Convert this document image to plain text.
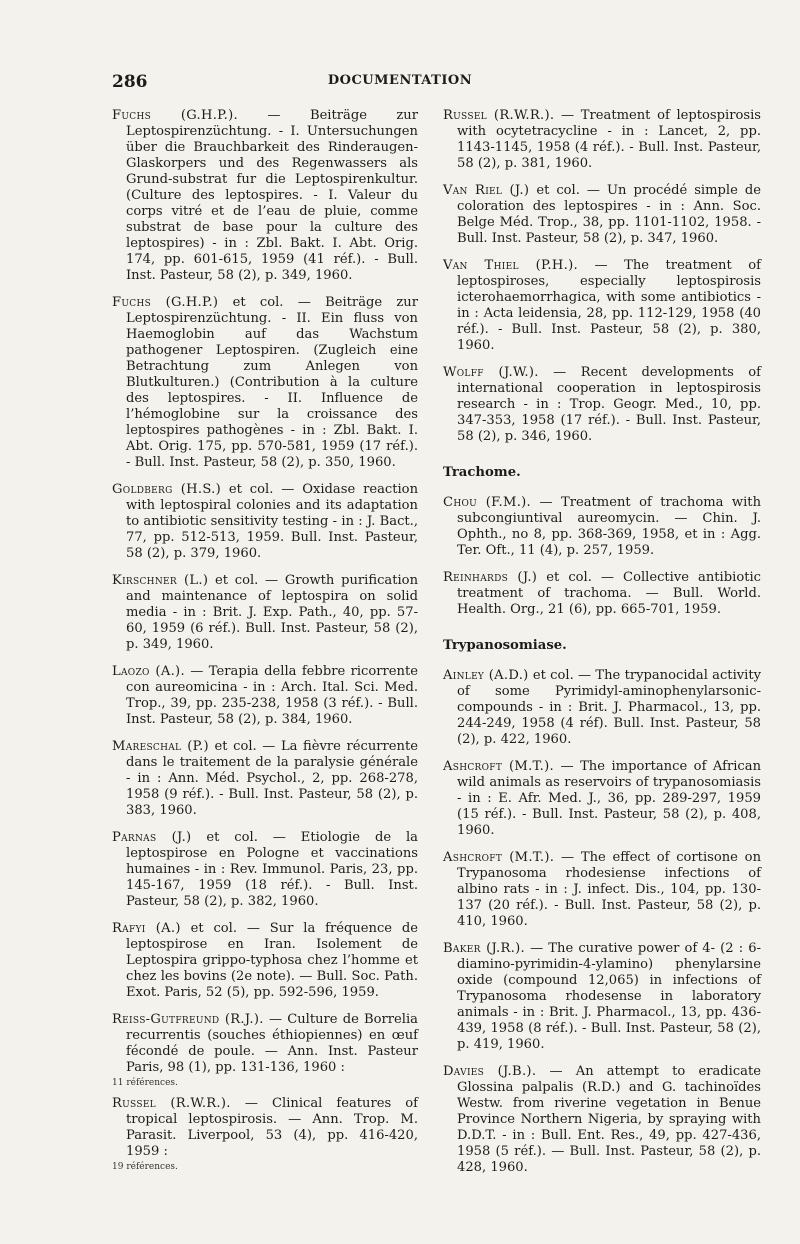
286	DOCUMENTATION
Fuchs (G.H.P.). — Beiträge zur Leptospirenzüchtung. - I. Untersuchungen über die Brauchbarkeit des Rinderaugen-Glaskorpers und des Regenwassers als Grund-substrat fur die Leptospirenkultur. (Culture des leptospires. - I. Valeur du corps vitré et de l’eau de pluie, comme substrat de base pour la culture des leptospires) - in : Zbl. Bakt. I. Abt. Orig. 174, pp. 601-615, 1959 (41 réf.). - Bull. Inst. Pasteur, 58 (2), p. 349, 1960.
Fuchs (G.H.P.) et col. — Beiträge zur Leptospirenzüchtung. - II. Ein fluss von Haemoglobin auf das Wachstum pathogener Leptospiren. (Zugleich eine Betrachtung zum Anlegen von Blutkulturen.) (Contribution à la culture des leptospires. - II. Influence de l’hémoglobine sur la croissance des leptospires pathogènes - in : Zbl. Bakt. I. Abt. Orig. 175, pp. 570-581, 1959 (17 réf.). - Bull. Inst. Pasteur, 58 (2), p. 350, 1960.
Goldberg (H.S.) et col. — Oxidase reaction with leptospiral colonies and its adaptation to antibiotic sensitivity testing - in : J. Bact., 77, pp. 512-513, 1959. Bull. Inst. Pasteur, 58 (2), p. 379, 1960.
Kirschner (L.) et col. — Growth purification and maintenance of leptospira on solid media - in : Brit. J. Exp. Path., 40, pp. 57-60, 1959 (6 réf.). Bull. Inst. Pasteur, 58 (2), p. 349, 1960.
Laozo (A.). — Terapia della febbre ricorrente con aureomicina - in : Arch. Ital. Sci. Med. Trop., 39, pp. 235-238, 1958 (3 réf.). - Bull. Inst. Pasteur, 58 (2), p. 384, 1960.
Mareschal (P.) et col. — La fièvre récurrente dans le traitement de la paralysie générale - in : Ann. Méd. Psychol., 2, pp. 268-278, 1958 (9 réf.). - Bull. Inst. Pasteur, 58 (2), p. 383, 1960.
Parnas (J.) et col. — Etiologie de la leptospirose en Pologne et vaccinations humaines - in : Rev. Immunol. Paris, 23, pp. 145-167, 1959 (18 réf.). - Bull. Inst. Pasteur, 58 (2), p. 382, 1960.
Rafyi (A.) et col. — Sur la fréquence de leptospirose en Iran. Isolement de Leptospira grippo-typhosa chez l’homme et chez les bovins (2e note). — Bull. Soc. Path. Exot. Paris, 52 (5), pp. 592-596, 1959.
Reiss-Gutfreund (R.J.). — Culture de Borrelia recurrentis (souches éthiopiennes) en œuf fécondé de poule. — Ann. Inst. Pasteur Paris, 98 (1), pp. 131-136, 1960 :
11 références.
Russel (R.W.R.). — Clinical features of tropical leptospirosis. — Ann. Trop. M. Parasit. Liverpool, 53 (4), pp. 416-420, 1959 :
19 références.
Russel (R.W.R.). — Treatment of leptospirosis with ocytetracycline - in : Lancet, 2, pp. 1143-1145, 1958 (4 réf.). - Bull. Inst. Pasteur, 58 (2), p. 381, 1960.
Van Riel (J.) et col. — Un procédé simple de coloration des leptospires - in : Ann. Soc. Belge Méd. Trop., 38, pp. 1101-1102, 1958. - Bull. Inst. Pasteur, 58 (2), p. 347, 1960.
Van Thiel (P.H.). — The treatment of leptospiroses, especially leptospirosis icterohaemorrhagica, with some antibiotics - in : Acta leidensia, 28, pp. 112-129, 1958 (40 réf.). - Bull. Inst. Pasteur, 58 (2), p. 380, 1960.
Wolff (J.W.). — Recent developments of international cooperation in leptospirosis research - in : Trop. Geogr. Med., 10, pp. 347-353, 1958 (17 réf.). - Bull. Inst. Pasteur, 58 (2), p. 346, 1960.
Trachome.
Chou (F.M.). — Treatment of trachoma with subcongiuntival aureomycin. — Chin. J. Ophth., no 8, pp. 368-369, 1958, et in : Agg. Ter. Oft., 11 (4), p. 257, 1959.
Reinhards (J.) et col. — Collective antibiotic treatment of trachoma. — Bull. World. Health. Org., 21 (6), pp. 665-701, 1959.
Trypanosomiase.
Ainley (A.D.) et col. — The trypanocidal activity of some Pyrimidyl-aminophenylarsonic-compounds - in : Brit. J. Pharmacol., 13, pp. 244-249, 1958 (4 réf). Bull. Inst. Pasteur, 58 (2), p. 422, 1960.
Ashcroft (M.T.). — The importance of African wild animals as reservoirs of trypanosomiasis - in : E. Afr. Med. J., 36, pp. 289-297, 1959 (15 réf.). - Bull. Inst. Pasteur, 58 (2), p. 408, 1960.
Ashcroft (M.T.). — The effect of cortisone on Trypanosoma rhodesiense infections of albino rats - in : J. infect. Dis., 104, pp. 130-137 (20 réf.). - Bull. Inst. Pasteur, 58 (2), p. 410, 1960.
Baker (J.R.). — The curative power of 4- (2 : 6-diamino-pyrimidin-4-ylamino) phenylarsine oxide (compound 12,065) in infections of Trypanosoma rhodesense in laboratory animals - in : Brit. J. Pharmacol., 13, pp. 436-439, 1958 (8 réf.). - Bull. Inst. Pasteur, 58 (2), p. 419, 1960.
Davies (J.B.). — An attempt to eradicate Glossina palpalis (R.D.) and G. tachinoïdes Westw. from riverine vegetation in Benue Province Northern Nigeria, by spraying with D.D.T. - in : Bull. Ent. Res., 49, pp. 427-436, 1958 (5 réf.). — Bull. Inst. Pasteur, 58 (2), p. 428, 1960.
